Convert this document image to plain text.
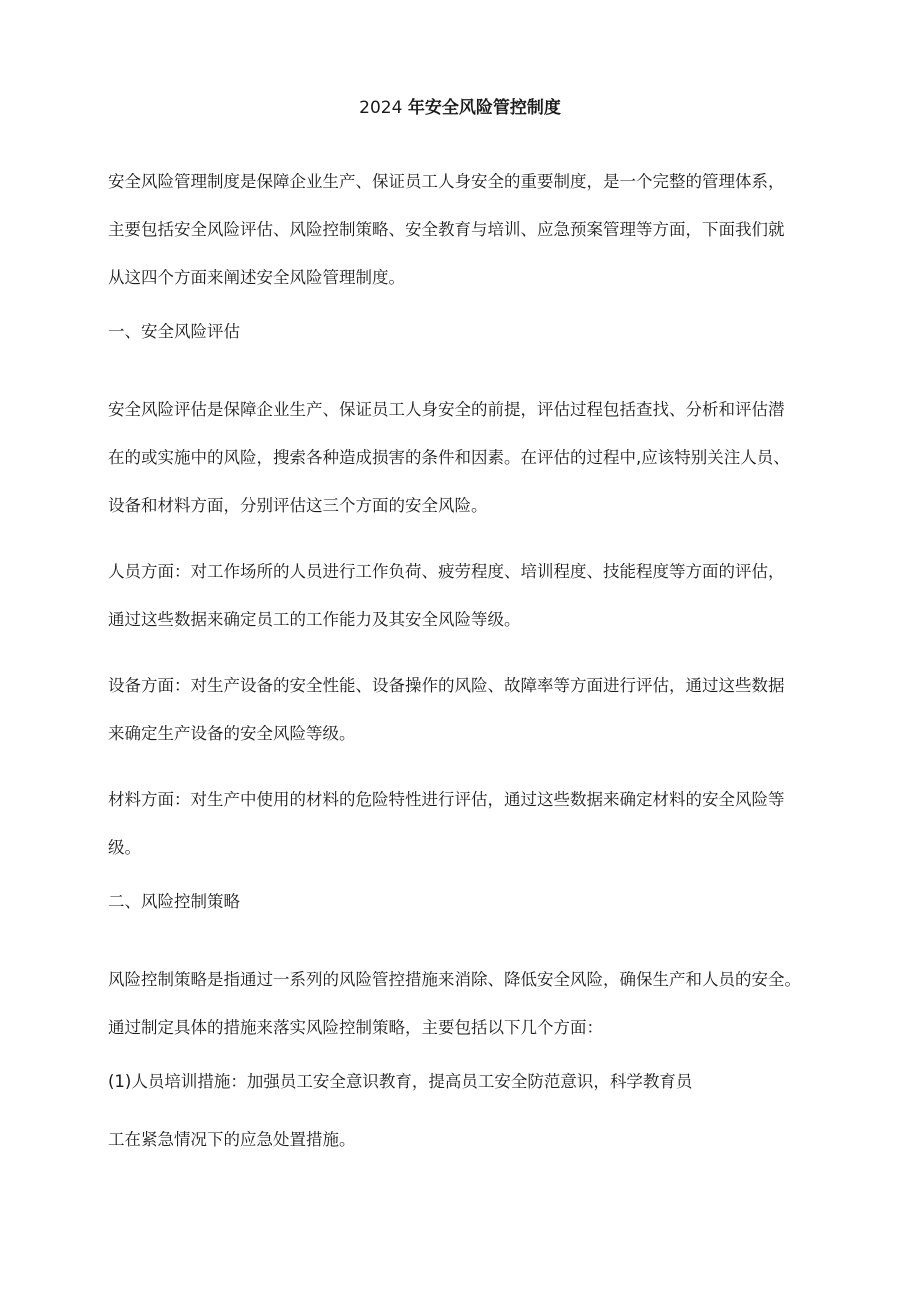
2024 年安全风险管控制度
安全风险管理制度是保障企业生产、保证员工人身安全的重要制度，是一个完整的管理体系，
主要包括安全风险评估、风险控制策略、安全教育与培训、应急预案管理等方面，下面我们就
从这四个方面来阐述安全风险管理制度。
一、安全风险评估
安全风险评估是保障企业生产、保证员工人身安全的前提，评估过程包括查找、分析和评估潜
在的或实施中的风险，搜索各种造成损害的条件和因素。在评估的过程中,应该特别关注人员、
设备和材料方面，分别评估这三个方面的安全风险。
人员方面：对工作场所的人员进行工作负荷、疲劳程度、培训程度、技能程度等方面的评估，
通过这些数据来确定员工的工作能力及其安全风险等级。
设备方面：对生产设备的安全性能、设备操作的风险、故障率等方面进行评估，通过这些数据
来确定生产设备的安全风险等级。
材料方面：对生产中使用的材料的危险特性进行评估，通过这些数据来确定材料的安全风险等
级。
二、风险控制策略
风险控制策略是指通过一系列的风险管控措施来消除、降低安全风险，确保生产和人员的安全。
通过制定具体的措施来落实风险控制策略，主要包括以下几个方面：
(1)人员培训措施：加强员工安全意识教育，提高员工安全防范意识，科学教育员
工在紧急情况下的应急处置措施。
